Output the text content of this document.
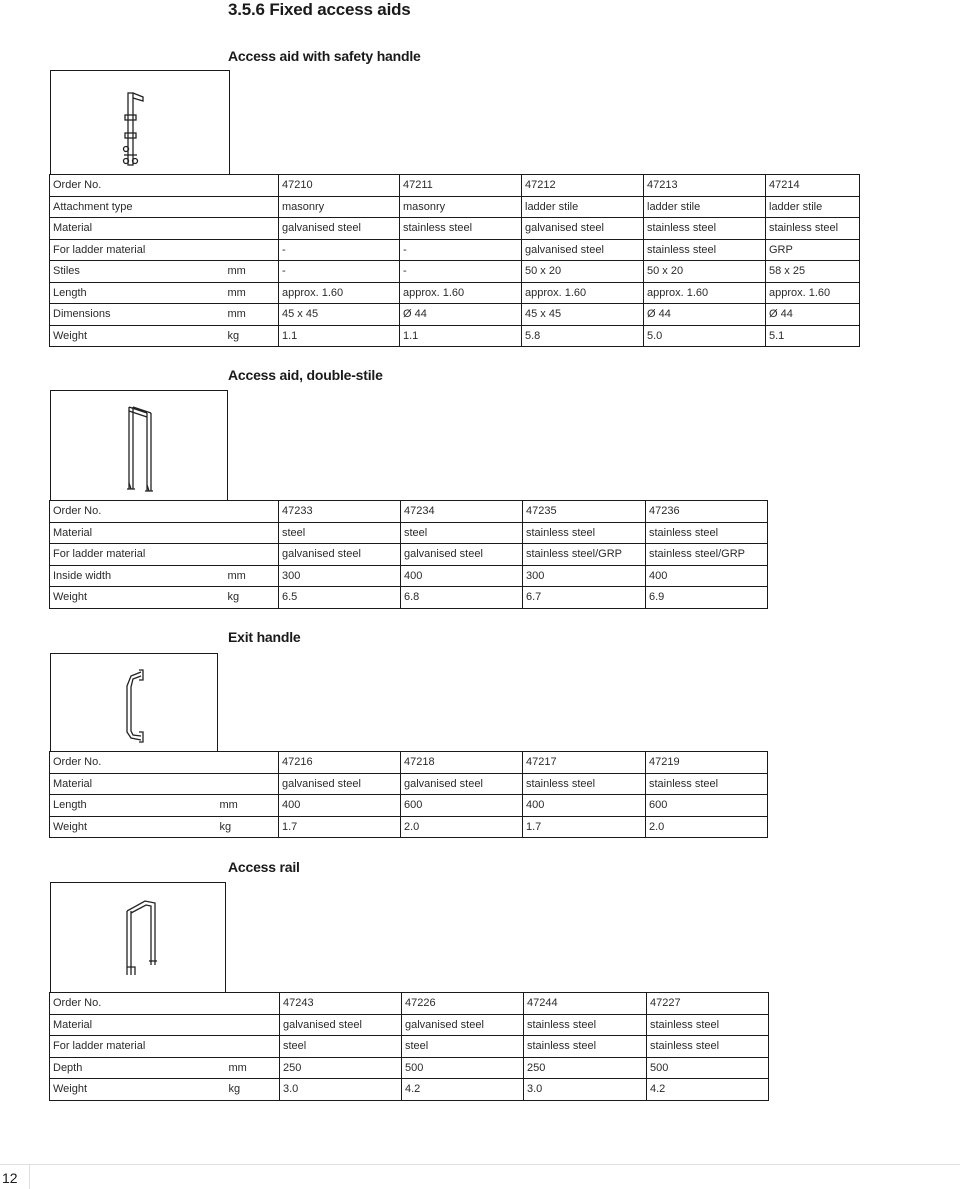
3.5.6 Fixed access aids
Access aid with safety handle
Order No.		47210	47211	47212	47213	47214
Attachment type		masonry	masonry	ladder stile	ladder stile	ladder stile
Material		galvanised steel	stainless steel	galvanised steel	stainless steel	stainless steel
For ladder material		-	-	galvanised steel	stainless steel	GRP
Stiles	mm	-	-	50 x 20	50 x 20	58 x 25
Length	mm	approx. 1.60	approx. 1.60	approx. 1.60	approx. 1.60	approx. 1.60
Dimensions	mm	45 x 45	Ø 44	45 x 45	Ø 44	Ø 44
Weight	kg	1.1	1.1	5.8	5.0	5.1
Access aid, double-stile
Order No.		47233	47234	47235	47236
Material		steel	steel	stainless steel	stainless steel
For ladder material		galvanised steel	galvanised steel	stainless steel/GRP	stainless steel/GRP
Inside width	mm	300	400	300	400
Weight	kg	6.5	6.8	6.7	6.9
Exit handle
Order No.		47216	47218	47217	47219
Material		galvanised steel	galvanised steel	stainless steel	stainless steel
Length	mm	400	600	400	600
Weight	kg	1.7	2.0	1.7	2.0
Access rail
Order No.		47243	47226	47244	47227
Material		galvanised steel	galvanised steel	stainless steel	stainless steel
For ladder material		steel	steel	stainless steel	stainless steel
Depth	mm	250	500	250	500
Weight	kg	3.0	4.2	3.0	4.2
12
